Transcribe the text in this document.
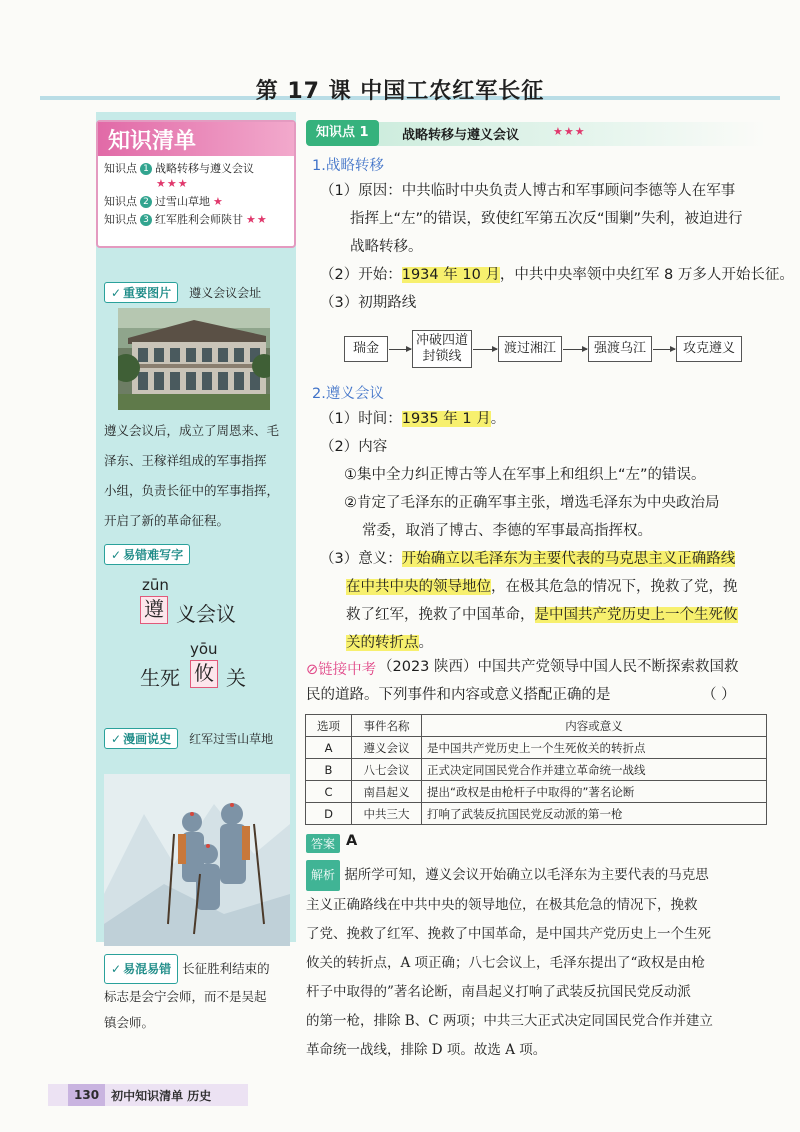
第 17 课 中国工农红军长征
知识清单
知识点 1 战略转移与遵义会议
★★★
知识点 2 过雪山草地 ★
知识点 3 红军胜利会师陕甘 ★★
✓ 重要图片 遵义会议会址
遵义会议后，成立了周恩来、毛
泽东、王稼祥组成的军事指挥
小组，负责长征中的军事指挥，
开启了新的革命征程。
✓ 易错难写字
zūn
遵 义会议
yōu
生死 攸 关
✓ 漫画说史 红军过雪山草地
✓ 易混易错 长征胜利结束的
标志是会宁会师，而不是吴起
镇会师。
130	初中知识清单 历史
知识点 1	战略转移与遵义会议	★★★
1.战略转移
（1）原因：中共临时中央负责人博古和军事顾问李德等人在军事
指挥上“左”的错误，致使红军第五次反“围剿”失利，被迫进行
战略转移。
（2）开始：1934 年 10 月，中共中央率领中央红军 8 万多人开始长征。
（3）初期路线
瑞金
冲破四道
封锁线
渡过湘江	强渡乌江	攻克遵义
2.遵义会议
（1）时间：1935 年 1 月。
（2）内容
①集中全力纠正博古等人在军事上和组织上“左”的错误。
②肯定了毛泽东的正确军事主张，增选毛泽东为中央政治局
常委，取消了博古、李德的军事最高指挥权。
（3）意义：开始确立以毛泽东为主要代表的马克思主义正确路线
在中共中央的领导地位，在极其危急的情况下，挽救了党，挽
救了红军，挽救了中国革命，是中国共产党历史上一个生死攸
关的转折点。
⊘链接中考 （2023 陕西）中国共产党领导中国人民不断探索救国救
民的道路。下列事件和内容或意义搭配正确的是	（ ）
选项	事件名称	内容或意义
A	遵义会议	是中国共产党历史上一个生死攸关的转折点
B	八七会议	正式决定同国民党合作并建立革命统一战线
C	南昌起义	提出“政权是由枪杆子中取得的”著名论断
D	中共三大	打响了武装反抗国民党反动派的第一枪
答案 A
解析 据所学可知，遵义会议开始确立以毛泽东为主要代表的马克思
主义正确路线在中共中央的领导地位，在极其危急的情况下，挽救
了党、挽救了红军、挽救了中国革命，是中国共产党历史上一个生死
攸关的转折点，A 项正确；八七会议上，毛泽东提出了“政权是由枪
杆子中取得的”著名论断，南昌起义打响了武装反抗国民党反动派
的第一枪，排除 B、C 两项；中共三大正式决定同国民党合作并建立
革命统一战线，排除 D 项。故选 A 项。
